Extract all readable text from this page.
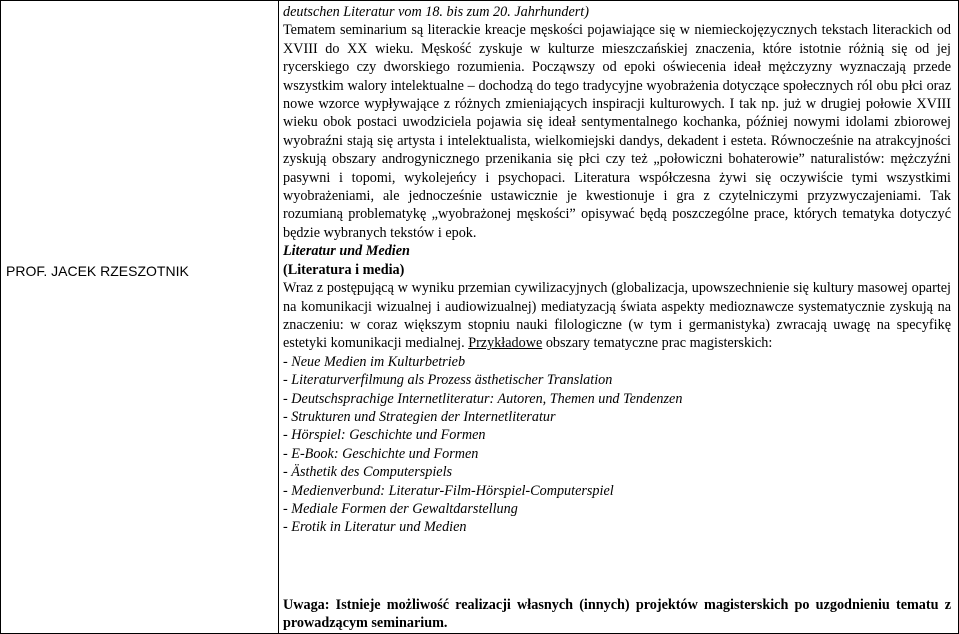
PROF. JACEK RZESZOTNIK
deutschen Literatur vom 18. bis zum 20. Jahrhundert)
Tematem seminarium są literackie kreacje męskości pojawiające się w niemieckojęzycznych tekstach literackich od XVIII do XX wieku. Męskość zyskuje w kulturze mieszczańskiej znaczenia, które istotnie różnią się od jej rycerskiego czy dworskiego rozumienia. Począwszy od epoki oświecenia ideał mężczyzny wyznaczają przede wszystkim walory intelektualne – dochodzą do tego tradycyjne wyobrażenia dotyczące społecznych ról obu płci oraz nowe wzorce wypływające z różnych zmieniających inspiracji kulturowych. I tak np. już w drugiej połowie XVIII wieku obok postaci uwodziciela pojawia się ideał sentymentalnego kochanka, później nowymi idolami zbiorowej wyobraźni stają się artysta i intelektualista, wielkomiejski dandys, dekadent i esteta. Równocześnie na atrakcyjności zyskują obszary androgynicznego przenikania się płci czy też „połowiczni bohaterowie” naturalistów: mężczyźni pasywni i topomi, wykolejeńcy i psychopaci. Literatura współczesna żywi się oczywiście tymi wszystkimi wyobrażeniami, ale jednocześnie ustawicznie je kwestionuje i gra z czytelniczymi przyzwyczajeniami. Tak rozumianą problematykę „wyobrażonej męskości” opisywać będą poszczególne prace, których tematyka dotyczyć będzie wybranych tekstów i epok.
Literatur und Medien
(Literatura i media)
Wraz z postępującą w wyniku przemian cywilizacyjnych (globalizacja, upowszechnienie się kultury masowej opartej na komunikacji wizualnej i audiowizualnej) mediatyzacją świata aspekty medioznawcze systematycznie zyskują na znaczeniu: w coraz większym stopniu nauki filologiczne (w tym i germanistyka) zwracają uwagę na specyfikę estetyki komunikacji medialnej. Przykładowe obszary tematyczne prac magisterskich:
- Neue Medien im Kulturbetrieb
- Literaturverfilmung als Prozess ästhetischer Translation
- Deutschsprachige Internetliteratur: Autoren, Themen und Tendenzen
- Strukturen und Strategien der Internetliteratur
- Hörspiel: Geschichte und Formen
- E-Book: Geschichte und Formen
- Ästhetik des Computerspiels
- Medienverbund: Literatur-Film-Hörspiel-Computerspiel
- Mediale Formen der Gewaltdarstellung
- Erotik in Literatur und Medien
Uwaga: Istnieje możliwość realizacji własnych (innych) projektów magisterskich po uzgodnieniu tematu z prowadzącym seminarium.
